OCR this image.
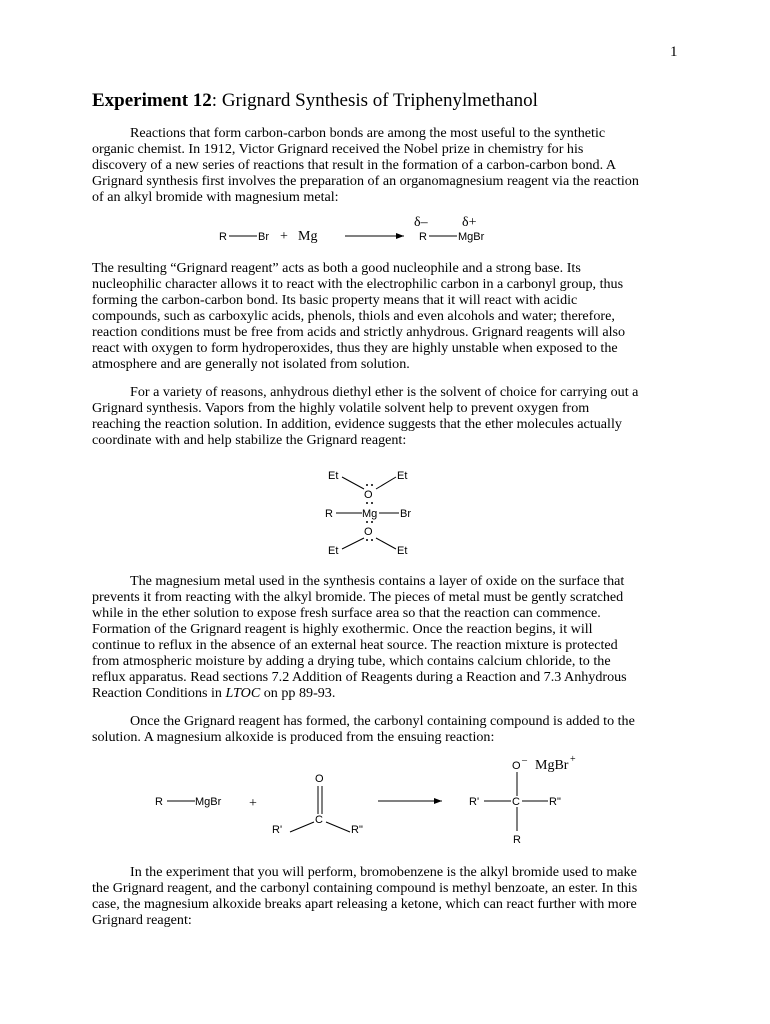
1
Experiment 12: Grignard Synthesis of Triphenylmethanol
Reactions that form carbon-carbon bonds are among the most useful to the synthetic
organic chemist. In 1912, Victor Grignard received the Nobel prize in chemistry for his
discovery of a new series of reactions that result in the formation of a carbon-carbon bond. A
Grignard synthesis first involves the preparation of an organomagnesium reagent via the reaction
of an alkyl bromide with magnesium metal:
R	Br + Mg
δ– δ+
R	MgBr
The resulting “Grignard reagent” acts as both a good nucleophile and a strong base. Its
nucleophilic character allows it to react with the electrophilic carbon in a carbonyl group, thus
forming the carbon-carbon bond. Its basic property means that it will react with acidic
compounds, such as carboxylic acids, phenols, thiols and even alcohols and water; therefore,
reaction conditions must be free from acids and strictly anhydrous. Grignard reagents will also
react with oxygen to form hydroperoxides, thus they are highly unstable when exposed to the
atmosphere and are generally not isolated from solution.
For a variety of reasons, anhydrous diethyl ether is the solvent of choice for carrying out a
Grignard synthesis. Vapors from the highly volatile solvent help to prevent oxygen from
reaching the reaction solution. In addition, evidence suggests that the ether molecules actually
coordinate with and help stabilize the Grignard reagent:
Et	Et
O
R	Mg Br
O
Et	Et
The magnesium metal used in the synthesis contains a layer of oxide on the surface that
prevents it from reacting with the alkyl bromide. The pieces of metal must be gently scratched
while in the ether solution to expose fresh surface area so that the reaction can commence.
Formation of the Grignard reagent is highly exothermic. Once the reaction begins, it will
continue to reflux in the absence of an external heat source. The reaction mixture is protected
from atmospheric moisture by adding a drying tube, which contains calcium chloride, to the
reflux apparatus. Read sections 7.2 Addition of Reagents during a Reaction and 7.3 Anhydrous
Reaction Conditions in LTOC on pp 89-93.
Once the Grignard reagent has formed, the carbonyl containing compound is added to the
solution. A magnesium alkoxide is produced from the ensuing reaction:
R	MgBr +
O
C
R'	R"
O – MgBr +
R'	C	R"
R
In the experiment that you will perform, bromobenzene is the alkyl bromide used to make
the Grignard reagent, and the carbonyl containing compound is methyl benzoate, an ester. In this
case, the magnesium alkoxide breaks apart releasing a ketone, which can react further with more
Grignard reagent:
